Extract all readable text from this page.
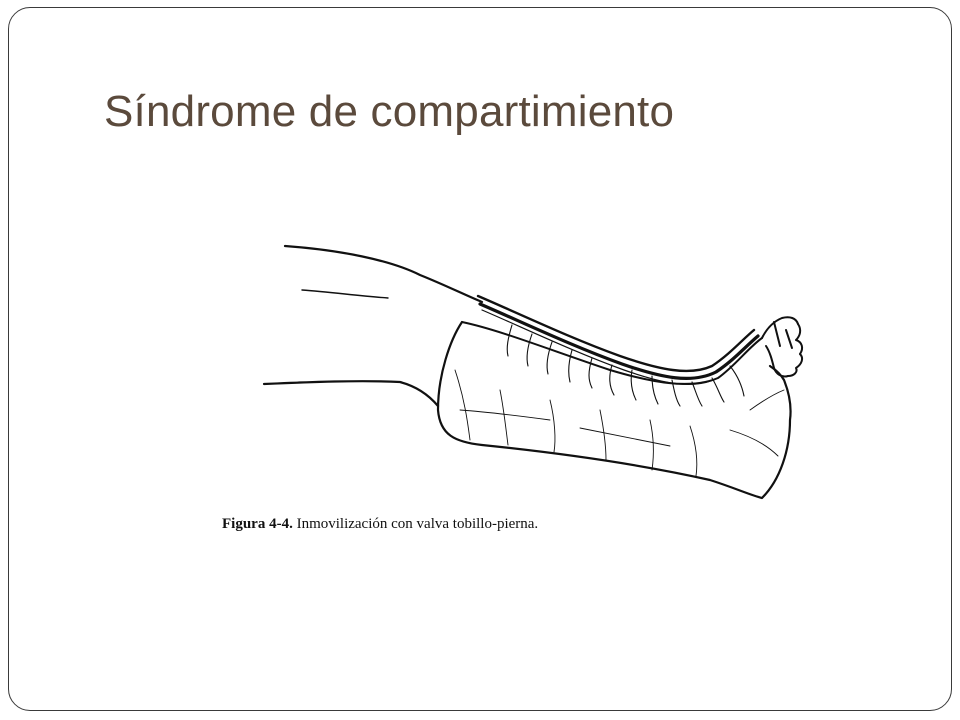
Síndrome de compartimiento

Figura 4-4. Inmovilización con valva tobillo-pierna.
